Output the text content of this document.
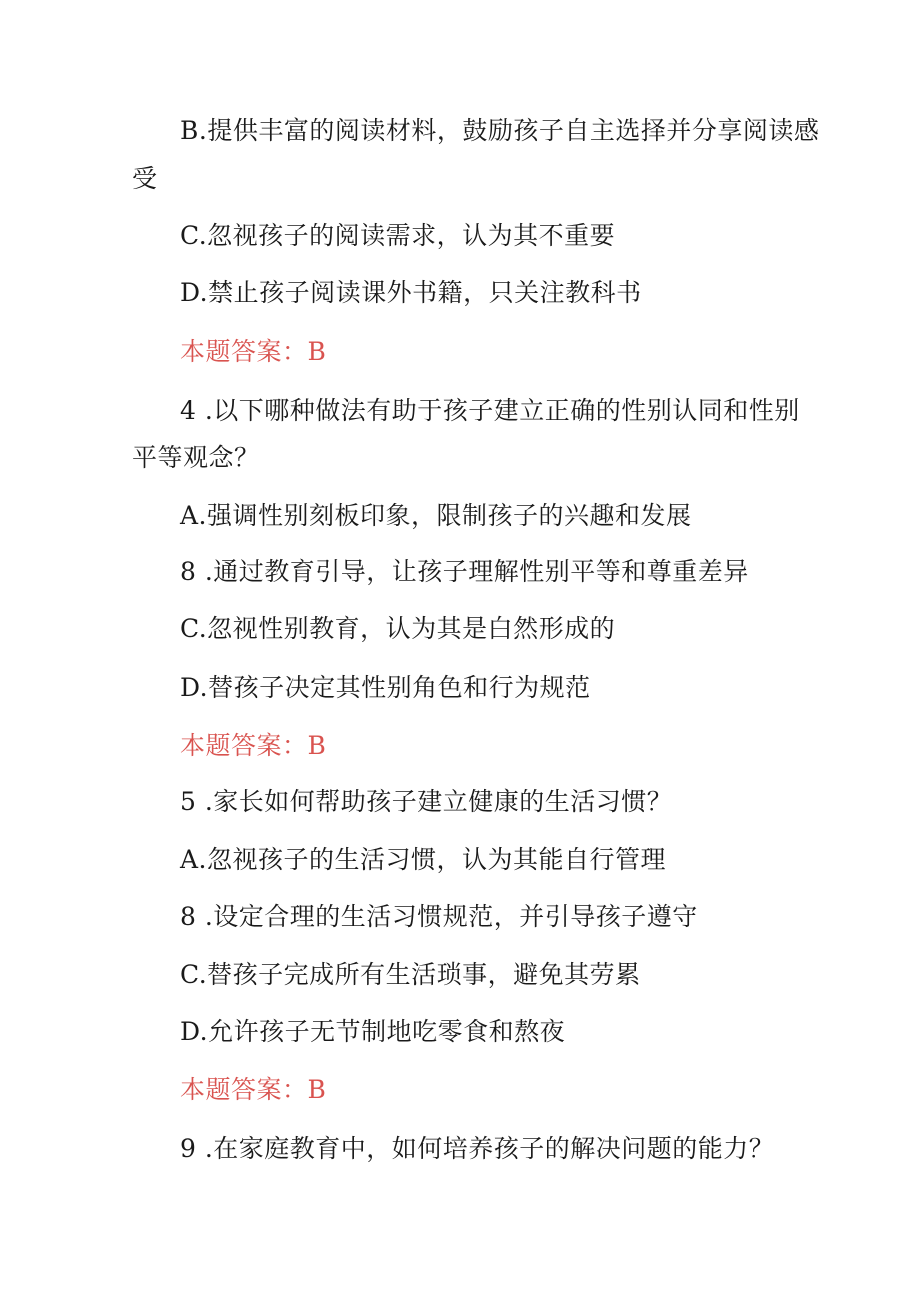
B.提供丰富的阅读材料，鼓励孩子自主选择并分享阅读感
受
C.忽视孩子的阅读需求，认为其不重要
D.禁止孩子阅读课外书籍，只关注教科书
本题答案：B
4 .以下哪种做法有助于孩子建立正确的性别认同和性别
平等观念？
A.强调性别刻板印象，限制孩子的兴趣和发展
8 .通过教育引导，让孩子理解性别平等和尊重差异
C.忽视性别教育，认为其是白然形成的
D.替孩子决定其性别角色和行为规范
本题答案：B
5 .家长如何帮助孩子建立健康的生活习惯？
A.忽视孩子的生活习惯，认为其能自行管理
8 .设定合理的生活习惯规范，并引导孩子遵守
C.替孩子完成所有生活琐事，避免其劳累
D.允许孩子无节制地吃零食和熬夜
本题答案：B
9 .在家庭教育中，如何培养孩子的解决问题的能力？
